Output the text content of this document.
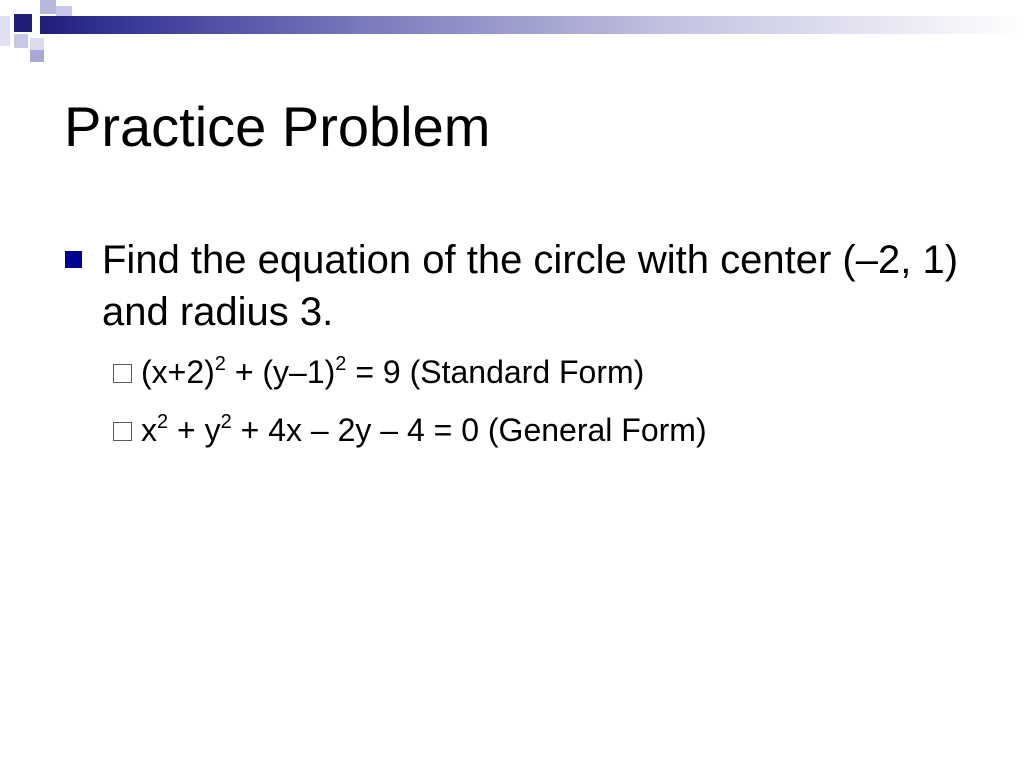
Practice Problem
Find the equation of the circle with center (–2, 1) and radius 3.
$(x+2)^2 + (y-1)^2 = 9$ (Standard Form)
$x^2 + y^2 + 4x - 2y - 4 = 0$ (General Form)
